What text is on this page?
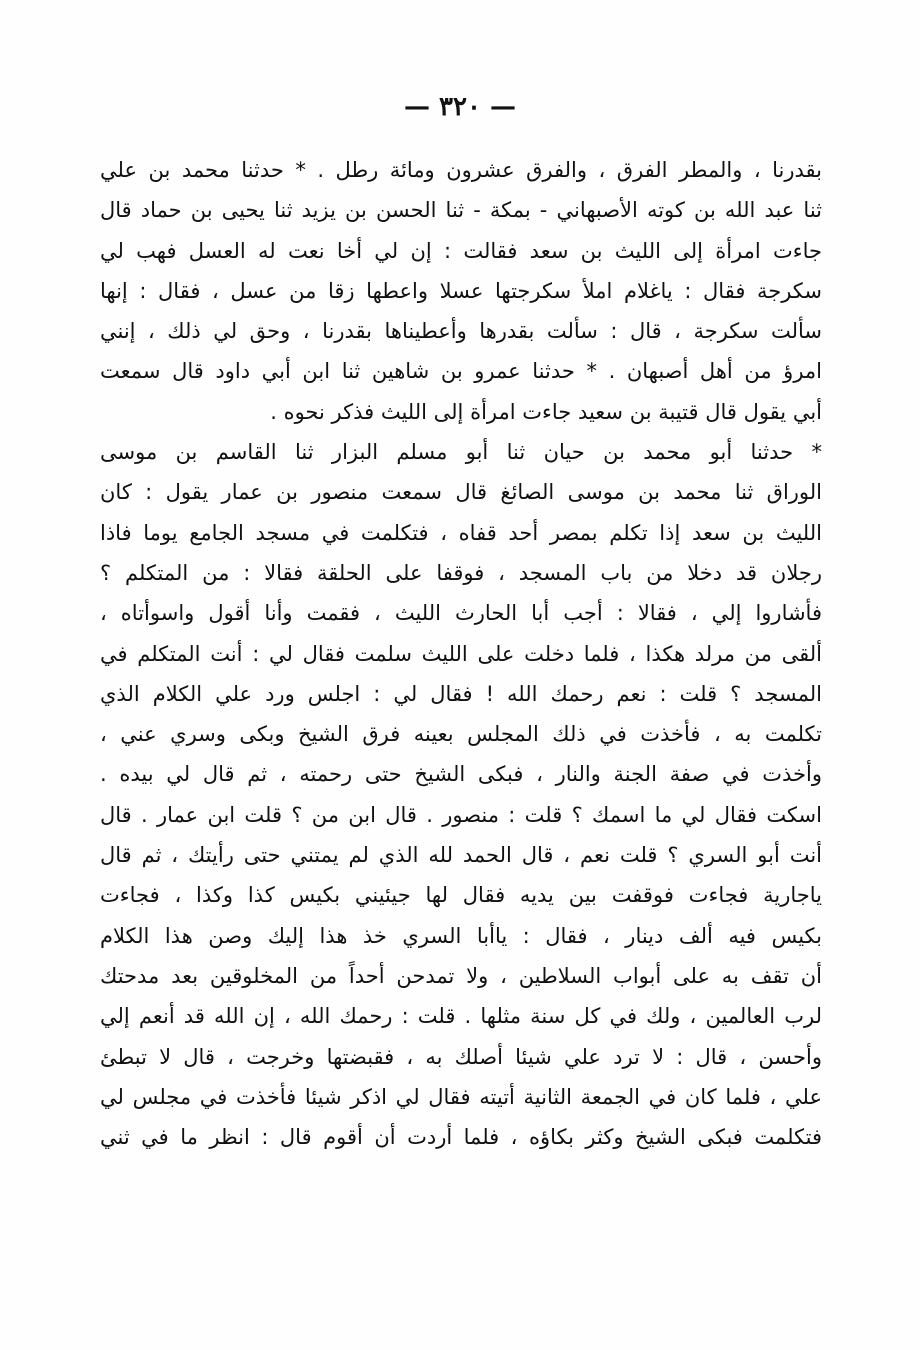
— ٣٢٠ —
بقدرنا ، والمطر الفرق ، والفرق عشرون ومائة رطل . * حدثنا محمد بن علي
ثنا عبد الله بن كوته الأصبهاني - بمكة - ثنا الحسن بن يزيد ثنا يحيى بن حماد قال
جاءت امرأة إلى الليث بن سعد فقالت : إن لي أخا نعت له العسل فهب لي
سكرجة فقال : ياغلام املأ سكرجتها عسلا واعطها زقا من عسل ، فقال : إنها
سألت سكرجة ، قال : سألت بقدرها وأعطيناها بقدرنا ، وحق لي ذلك ، إنني
امرؤ من أهل أصبهان . * حدثنا عمرو بن شاهين ثنا ابن أبي داود قال سمعت
أبي يقول قال قتيبة بن سعيد جاءت امرأة إلى الليث فذكر نحوه .
* حدثنا أبو محمد بن حيان ثنا أبو مسلم البزار ثنا القاسم بن موسى
الوراق ثنا محمد بن موسى الصائغ قال سمعت منصور بن عمار يقول : كان
الليث بن سعد إذا تكلم بمصر أحد قفاه ، فتكلمت في مسجد الجامع يوما فاذا
رجلان قد دخلا من باب المسجد ، فوقفا على الحلقة فقالا : من المتكلم ؟
فأشاروا إلي ، فقالا : أجب أبا الحارث الليث ، فقمت وأنا أقول واسوأتاه ،
ألقى من مرلد هكذا ، فلما دخلت على الليث سلمت فقال لي : أنت المتكلم في
المسجد ؟ قلت : نعم رحمك الله ! فقال لي : اجلس ورد علي الكلام الذي
تكلمت به ، فأخذت في ذلك المجلس بعينه فرق الشيخ وبكى وسري عني ،
وأخذت في صفة الجنة والنار ، فبكى الشيخ حتى رحمته ، ثم قال لي بيده .
اسكت فقال لي ما اسمك ؟ قلت : منصور . قال ابن من ؟ قلت ابن عمار . قال
أنت أبو السري ؟ قلت نعم ، قال الحمد لله الذي لم يمتني حتى رأيتك ، ثم قال
ياجارية فجاءت فوقفت بين يديه فقال لها جيئيني بكيس كذا وكذا ، فجاءت
بكيس فيه ألف دينار ، فقال : ياأبا السري خذ هذا إليك وصن هذا الكلام
أن تقف به على أبواب السلاطين ، ولا تمدحن أحداً من المخلوقين بعد مدحتك
لرب العالمين ، ولك في كل سنة مثلها . قلت : رحمك الله ، إن الله قد أنعم إلي
وأحسن ، قال : لا ترد علي شيئا أصلك به ، فقبضتها وخرجت ، قال لا تبطئ
علي ، فلما كان في الجمعة الثانية أتيته فقال لي اذكر شيئا فأخذت في مجلس لي
فتكلمت فبكى الشيخ وكثر بكاؤه ، فلما أردت أن أقوم قال : انظر ما في ثني
